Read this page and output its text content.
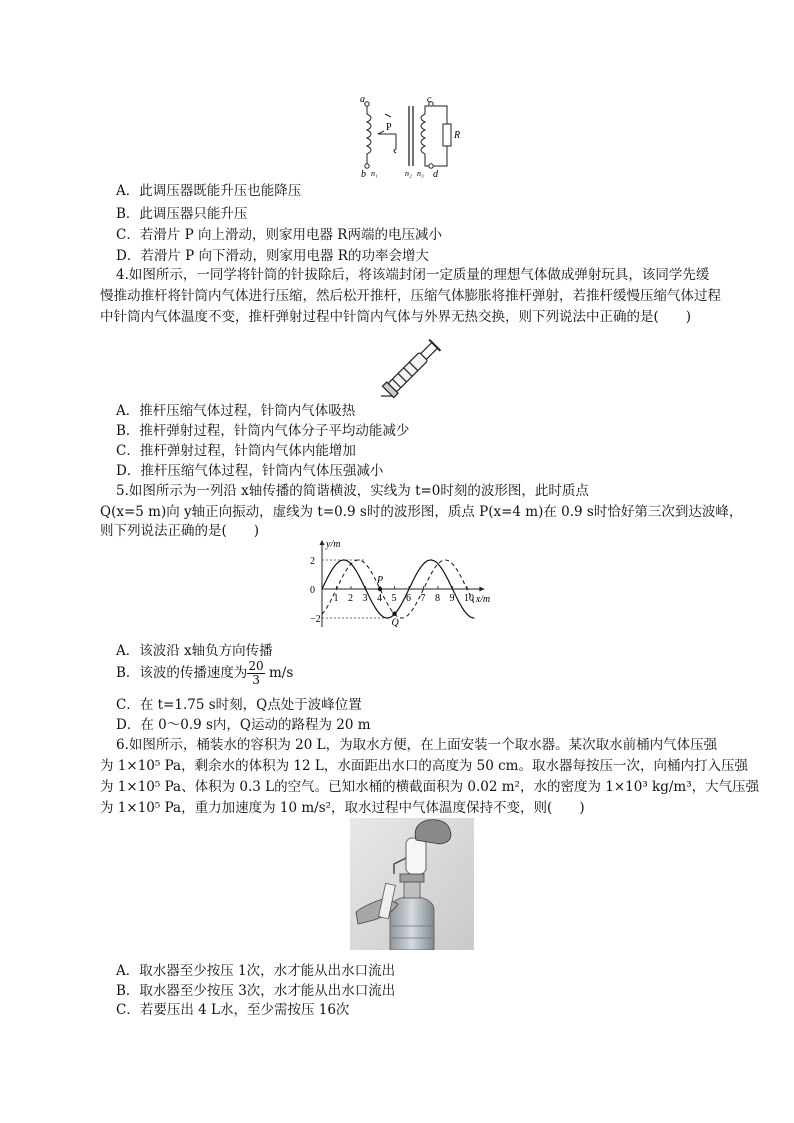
a
b
c
d
P
R
n₁	n₂ n₃
A．此调压器既能升压也能降压
B．此调压器只能升压
C．若滑片 P 向上滑动，则家用电器 R两端的电压减小
D．若滑片 P 向下滑动，则家用电器 R的功率会增大
4.如图所示，一同学将针筒的针拔除后，将该端封闭一定质量的理想气体做成弹射玩具，该同学先缓
慢推动推杆将针筒内气体进行压缩，然后松开推杆，压缩气体膨胀将推杆弹射，若推杆缓慢压缩气体过程
中针筒内气体温度不变，推杆弹射过程中针筒内气体与外界无热交换，则下列说法中正确的是(　　)
A．推杆压缩气体过程，针筒内气体吸热
B．推杆弹射过程，针筒内气体分子平均动能减少
C．推杆弹射过程，针筒内气体内能增加
D．推杆压缩气体过程，针筒内气体压强减小
5.如图所示为一列沿 x轴传播的简谐横波，实线为 t=0时刻的波形图，此时质点
Q(x=5 m)向 y轴正向振动，虚线为 t=0.9 s时的波形图，质点 P(x=4 m)在 0.9 s时恰好第三次到达波峰，
则下列说法正确的是(　　)
y/m
x/m
2
0
−2
1 2 3 4 5 6 7 8 9 10
P
Q
A．该波沿 x轴负方向传播
B．该波的传播速度为 $\frac{20}{3} m/s$
C．在 t=1.75 s时刻，Q点处于波峰位置
D．在 0～0.9 s内，Q运动的路程为 20 m
6.如图所示，桶装水的容积为 20 L，为取水方便，在上面安装一个取水器。某次取水前桶内气体压强
为 1×10⁵ Pa，剩余水的体积为 12 L，水面距出水口的高度为 50 cm。取水器每按压一次，向桶内打入压强
为 1×10⁵ Pa、体积为 0.3 L的空气。已知水桶的横截面积为 0.02 m²，水的密度为 1×10³ kg/m³，大气压强
为 1×10⁵ Pa，重力加速度为 10 m/s²，取水过程中气体温度保持不变，则(　　)
A．取水器至少按压 1次，水才能从出水口流出
B．取水器至少按压 3次，水才能从出水口流出
C．若要压出 4 L水，至少需按压 16次
